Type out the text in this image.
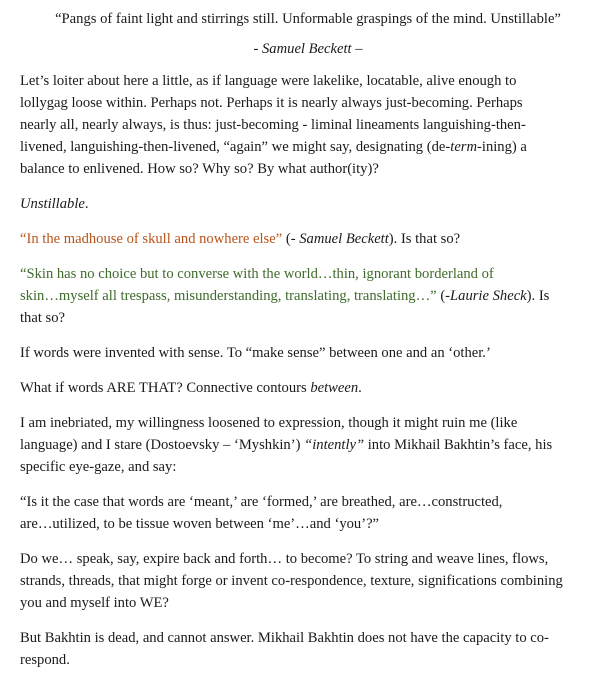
“Pangs of faint light and stirrings still. Unformable graspings of the mind. Unstillable”
- Samuel Beckett –

Let’s loiter about here a little, as if language were lakelike, locatable, alive enough to
lollygag loose within. Perhaps not. Perhaps it is nearly always just-becoming. Perhaps
nearly all, nearly always, is thus: just-becoming - liminal lineaments languishing-then-
livened, languishing-then-livened, “again” we might say, designating (de-term-ining) a
balance to enlivened. How so? Why so? By what author(ity)?

Unstillable.

“In the madhouse of skull and nowhere else” (- Samuel Beckett). Is that so?

“Skin has no choice but to converse with the world…thin, ignorant borderland of
skin…myself all trespass, misunderstanding, translating, translating…” (-Laurie Sheck). Is
that so?

If words were invented with sense. To “make sense” between one and an ‘other.’

What if words ARE THAT? Connective contours between.

I am inebriated, my willingness loosened to expression, though it might ruin me (like
language) and I stare (Dostoevsky – ‘Myshkin’) “intently” into Mikhail Bakhtin’s face, his
specific eye-gaze, and say:

“Is it the case that words are ‘meant,’ are ‘formed,’ are breathed, are…constructed,
are…utilized, to be tissue woven between ‘me’…and ‘you’?”

Do we… speak, say, expire back and forth… to become? To string and weave lines, flows,
strands, threads, that might forge or invent co-respondence, texture, significations combining
you and myself into WE?

But Bakhtin is dead, and cannot answer. Mikhail Bakhtin does not have the capacity to co-
respond.
